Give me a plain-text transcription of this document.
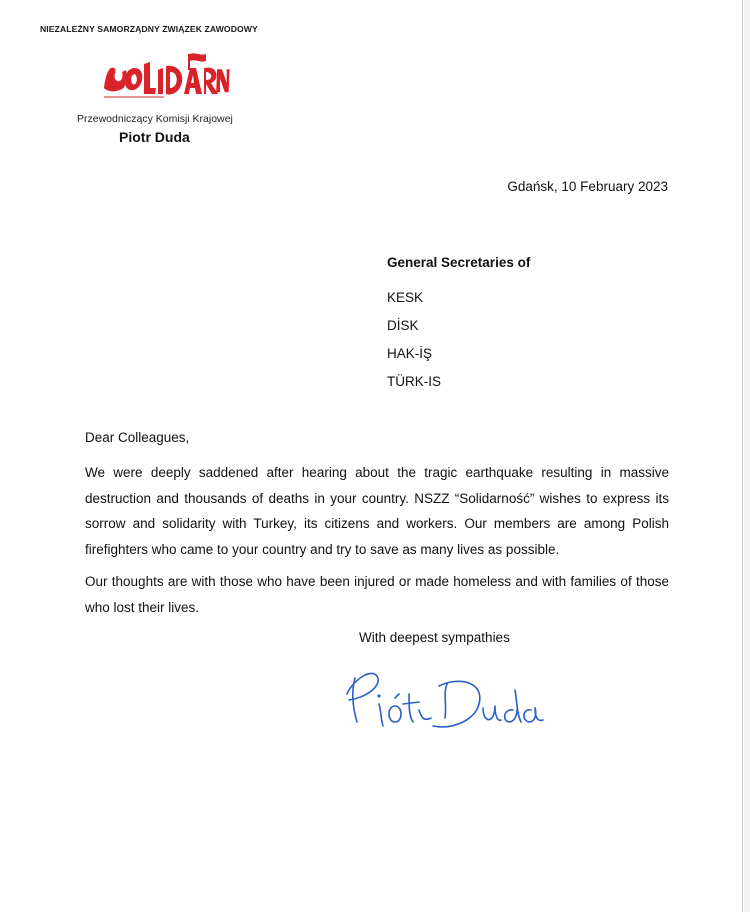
NIEZALEŻNY SAMORZĄDNY ZWIĄZEK ZAWODOWY
Przewodniczący Komisji Krajowej
Piotr Duda
Gdańsk, 10 February 2023
General Secretaries of
KESK
DİSK
HAK-İŞ
TÜRK-IS
Dear Colleagues,
We were deeply saddened after hearing about the tragic earthquake resulting in massive destruction and thousands of deaths in your country. NSZZ “Solidarność” wishes to express its sorrow and solidarity with Turkey, its citizens and workers. Our members are among Polish firefighters who came to your country and try to save as many lives as possible.
Our thoughts are with those who have been injured or made homeless and with families of those who lost their lives.
With deepest sympathies
